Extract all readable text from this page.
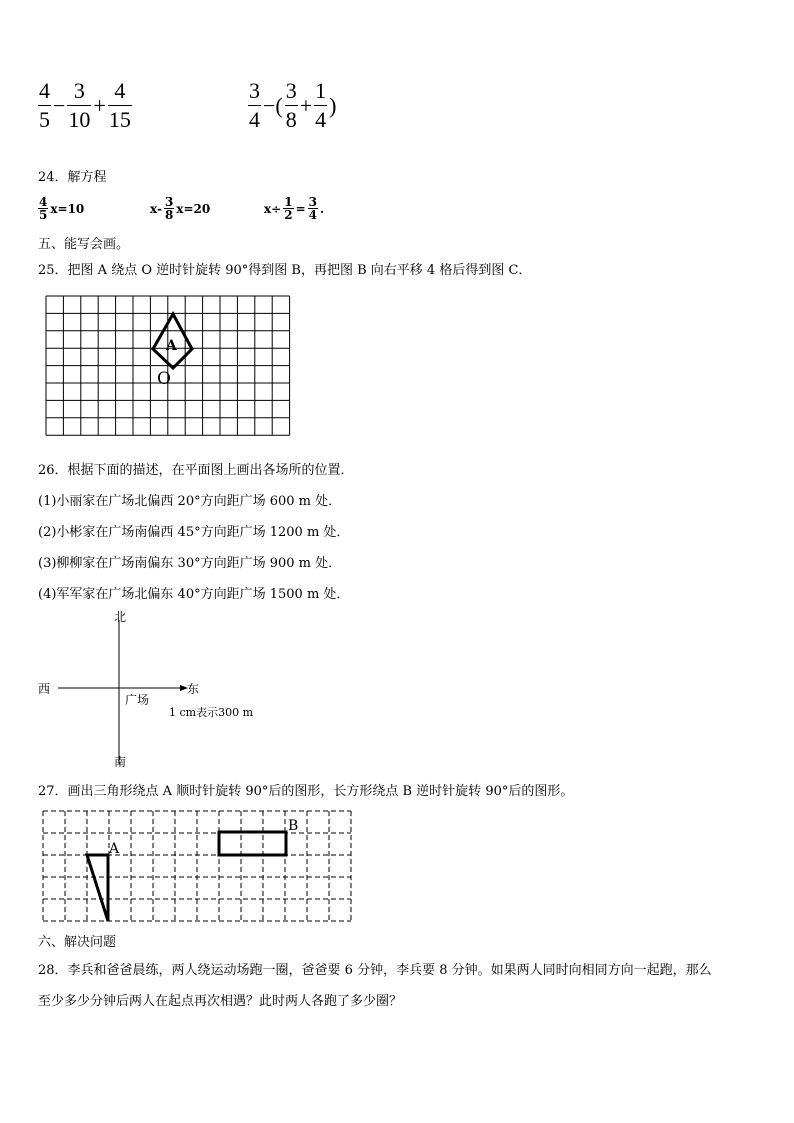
$\frac{4}{5} - \frac{3}{10} + \frac{4}{15}$	$\frac{3}{4}$ −( $\frac{3}{8} + \frac{1}{4}$ )
24．解方程
$\frac{4}{5} x=10$	$x- \frac{3}{8} x=20$	$x\div \frac{1}{2} = \frac{3}{4}$ .
五、能写会画。
25．把图 A 绕点 O 逆时针旋转 90°得到图 B，再把图 B 向右平移 4 格后得到图 C．
A
O
26．根据下面的描述，在平面图上画出各场所的位置．
(1)小丽家在广场北偏西 20°方向距广场 600 m 处．
(2)小彬家在广场南偏西 45°方向距广场 1200 m 处．
(3)柳柳家在广场南偏东 30°方向距广场 900 m 处．
(4)军军家在广场北偏东 40°方向距广场 1500 m 处．
北
南
西	东
广场
1 cm表示300 m
27．画出三角形绕点 A 顺时针旋转 90°后的图形，长方形绕点 B 逆时针旋转 90°后的图形。
A
B
六、解决问题
28．李兵和爸爸晨练，两人绕运动场跑一圈，爸爸要 6 分钟，李兵要 8 分钟。如果两人同时向相同方向一起跑，那么
至少多少分钟后两人在起点再次相遇？此时两人各跑了多少圈？
